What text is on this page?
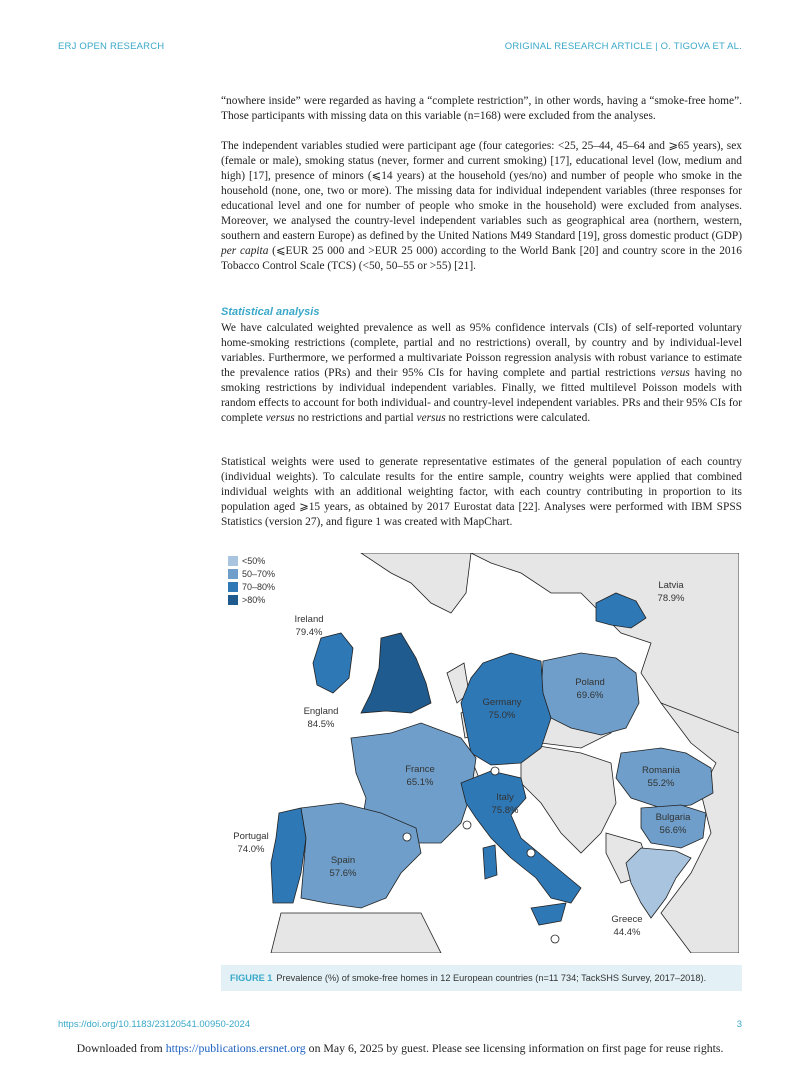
ERJ OPEN RESEARCH	ORIGINAL RESEARCH ARTICLE | O. TIGOVA ET AL.
“nowhere inside” were regarded as having a “complete restriction”, in other words, having a “smoke-free home”. Those participants with missing data on this variable (n=168) were excluded from the analyses.
The independent variables studied were participant age (four categories: <25, 25–44, 45–64 and ⩾65 years), sex (female or male), smoking status (never, former and current smoking) [17], educational level (low, medium and high) [17], presence of minors (⩽14 years) at the household (yes/no) and number of people who smoke in the household (none, one, two or more). The missing data for individual independent variables (three responses for educational level and one for number of people who smoke in the household) were excluded from analyses. Moreover, we analysed the country-level independent variables such as geographical area (northern, western, southern and eastern Europe) as defined by the United Nations M49 Standard [19], gross domestic product (GDP) per capita (⩽EUR 25 000 and >EUR 25 000) according to the World Bank [20] and country score in the 2016 Tobacco Control Scale (TCS) (<50, 50–55 or >55) [21].
Statistical analysis
We have calculated weighted prevalence as well as 95% confidence intervals (CIs) of self-reported voluntary home-smoking restrictions (complete, partial and no restrictions) overall, by country and by individual-level variables. Furthermore, we performed a multivariate Poisson regression analysis with robust variance to estimate the prevalence ratios (PRs) and their 95% CIs for having complete and partial restrictions versus having no smoking restrictions by individual independent variables. Finally, we fitted multilevel Poisson models with random effects to account for both individual- and country-level independent variables. PRs and their 95% CIs for complete versus no restrictions and partial versus no restrictions were calculated.
Statistical weights were used to generate representative estimates of the general population of each country (individual weights). To calculate results for the entire sample, country weights were applied that combined individual weights with an additional weighting factor, with each country contributing in proportion to its population aged ⩾15 years, as obtained by 2017 Eurostat data [22]. Analyses were performed with IBM SPSS Statistics (version 27), and figure 1 was created with MapChart.
<50%
50–70%
70–80%
>80%
Latvia
78.9%
Ireland
79.4%
England
84.5%
Poland
69.6%
Germany
75.0%
France
65.1%
Romania
55.2%
Italy
75.8%
Bulgaria
56.6%
Portugal
74.0%
Spain
57.6%
Greece
44.4%
FIGURE 1 Prevalence (%) of smoke-free homes in 12 European countries (n=11 734; TackSHS Survey, 2017–2018).
https://doi.org/10.1183/23120541.00950-2024	3
Downloaded from https://publications.ersnet.org on May 6, 2025 by guest. Please see licensing information on first page for reuse rights.
